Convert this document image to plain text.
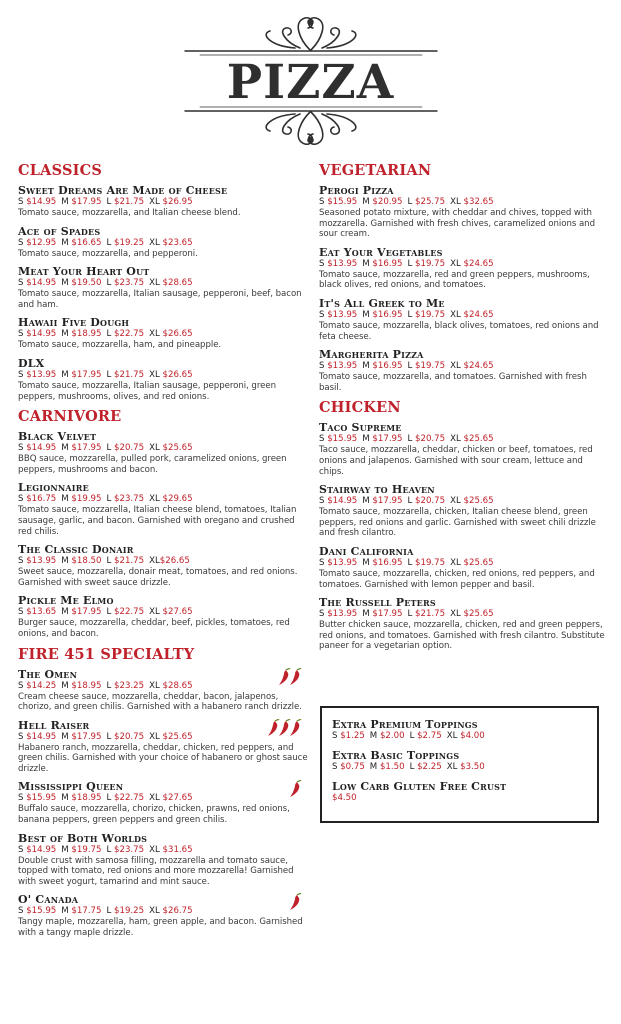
PIZZA
CLASSICS
Sweet Dreams Are Made of Cheese
S $14.95 M $17.95 L $21.75 XL $26.95
Tomato sauce, mozzarella, and Italian cheese blend.
Ace of Spades
S $12.95 M $16.65 L $19.25 XL $23.65
Tomato sauce, mozzarella, and pepperoni.
Meat Your Heart Out
S $14.95 M $19.50 L $23.75 XL $28.65
Tomato sauce, mozzarella, Italian sausage, pepperoni, beef, bacon and ham.
Hawaii Five Dough
S $14.95 M $18.95 L $22.75 XL $26.65
Tomato sauce, mozzarella, ham, and pineapple.
DLX
S $13.95 M $17.95 L $21.75 XL $26.65
Tomato sauce, mozzarella, Italian sausage, pepperoni, green peppers, mushrooms, olives, and red onions.
CARNIVORE
Black Velvet
S $14.95 M $17.95 L $20.75 XL $25.65
BBQ sauce, mozzarella, pulled pork, caramelized onions, green peppers, mushrooms and bacon.
Legionnaire
S $16.75 M $19.95 L $23.75 XL $29.65
Tomato sauce, mozzarella, Italian cheese blend, tomatoes, Italian sausage, garlic, and bacon. Garnished with oregano and crushed red chilis.
The Classic Donair
S $13.95 M $18.50 L $21.75 XL$26.65
Sweet sauce, mozzarella, donair meat, tomatoes, and red onions. Garnished with sweet sauce drizzle.
Pickle Me Elmo
S $13.65 M $17.95 L $22.75 XL $27.65
Burger sauce, mozzarella, cheddar, beef, pickles, tomatoes, red onions, and bacon.
FIRE 451 SPECIALTY
The Omen
S $14.25 M $18.95 L $23.25 XL $28.65
Cream cheese sauce, mozzarella, cheddar, bacon, jalapenos, chorizo, and green chilis. Garnished with a habanero ranch drizzle.
Hell Raiser
S $14.95 M $17.95 L $20.75 XL $25.65
Habanero ranch, mozzarella, cheddar, chicken, red peppers, and green chilis. Garnished with your choice of habanero or ghost sauce drizzle.
Mississippi Queen
S $15.95 M $18.95 L $22.75 XL $27.65
Buffalo sauce, mozzarella, chorizo, chicken, prawns, red onions, banana peppers, green peppers and green chilis.
Best of Both Worlds
S $14.95 M $19.75 L $23.75 XL $31.65
Double crust with samosa filling, mozzarella and tomato sauce, topped with tomato, red onions and more mozzarella! Garnished with sweet yogurt, tamarind and mint sauce.
O' Canada
S $15.95 M $17.75 L $19.25 XL $26.75
Tangy maple, mozzarella, ham, green apple, and bacon. Garnished with a tangy maple drizzle.
VEGETARIAN
Perogi Pizza
S $15.95 M $20.95 L $25.75 XL $32.65
Seasoned potato mixture, with cheddar and chives, topped with mozzarella. Garnished with fresh chives, caramelized onions and sour cream.
Eat Your Vegetables
S $13.95 M $16.95 L $19.75 XL $24.65
Tomato sauce, mozzarella, red and green peppers, mushrooms, black olives, red onions, and tomatoes.
It's All Greek to Me
S $13.95 M $16.95 L $19.75 XL $24.65
Tomato sauce, mozzarella, black olives, tomatoes, red onions and feta cheese.
Margherita Pizza
S $13.95 M $16.95 L $19.75 XL $24.65
Tomato sauce, mozzarella, and tomatoes. Garnished with fresh basil.
CHICKEN
Taco Supreme
S $15.95 M $17.95 L $20.75 XL $25.65
Taco sauce, mozzarella, cheddar, chicken or beef, tomatoes, red onions and jalapenos. Garnished with sour cream, lettuce and chips.
Stairway to Heaven
S $14.95 M $17.95 L $20.75 XL $25.65
Tomato sauce, mozzarella, chicken, Italian cheese blend, green peppers, red onions and garlic. Garnished with sweet chili drizzle and fresh cilantro.
Dani California
S $13.95 M $16.95 L $19.75 XL $25.65
Tomato sauce, mozzarella, chicken, red onions, red peppers, and tomatoes. Garnished with lemon pepper and basil.
The Russell Peters
S $13.95 M $17.95 L $21.75 XL $25.65
Butter chicken sauce, mozzarella, chicken, red and green peppers, red onions, and tomatoes. Garnished with fresh cilantro. Substitute paneer for a vegetarian option.
Extra Premium Toppings
S $1.25 M $2.00 L $2.75 XL $4.00
Extra Basic Toppings
S $0.75 M $1.50 L $2.25 XL $3.50
Low Carb Gluten Free Crust
$4.50
